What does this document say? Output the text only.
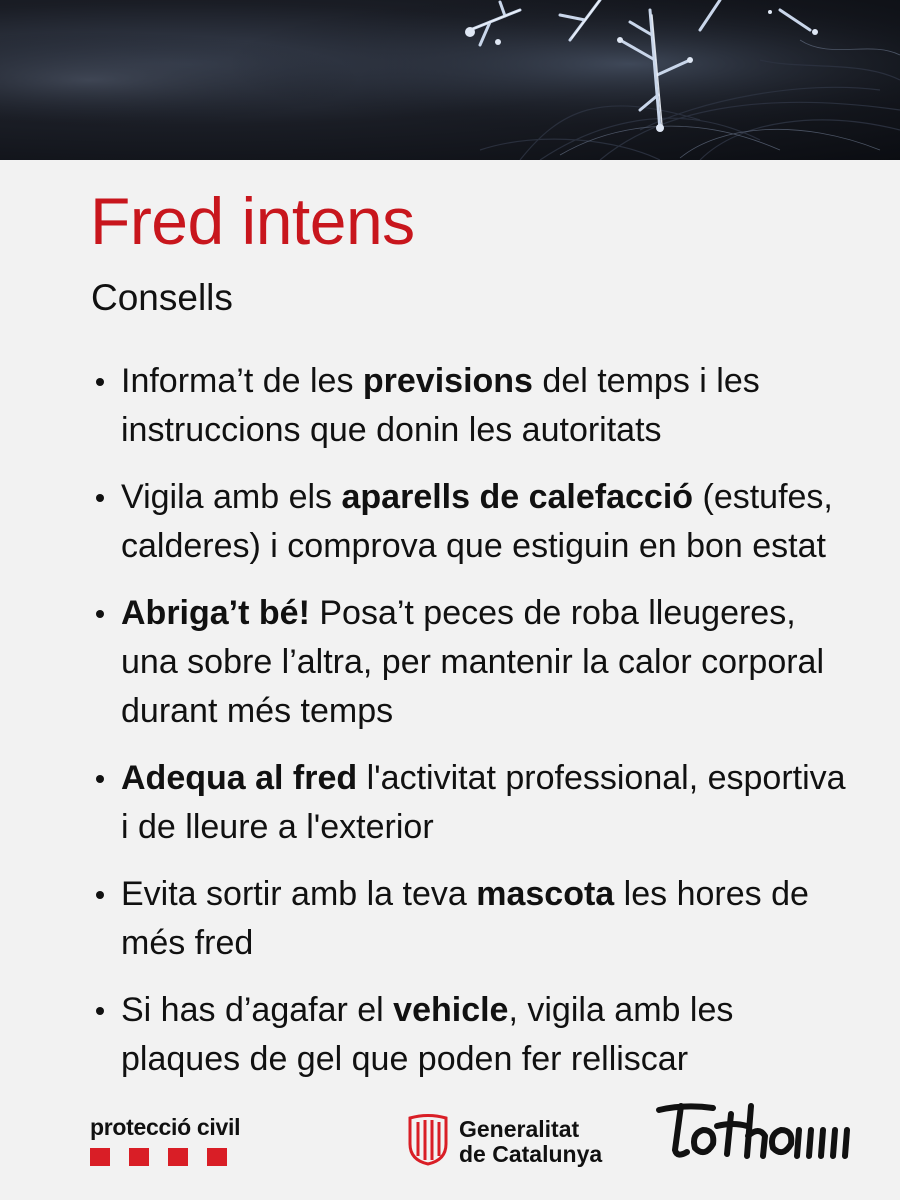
Fred intens
Consells
Informa’t de les previsions del temps i les instruccions que donin les autoritats
Vigila amb els aparells de calefacció (estufes, calderes) i comprova que estiguin en bon estat
Abriga’t bé! Posa’t peces de roba lleugeres, una sobre l’altra, per mantenir la calor corporal durant més temps
Adequa al fred l'activitat professional, esportiva i de lleure a l'exterior
Evita sortir amb la teva mascota les hores de més fred
Si has d’agafar el vehicle, vigila amb les plaques de gel que poden fer relliscar
protecció civil	Generalitat
de Catalunya
